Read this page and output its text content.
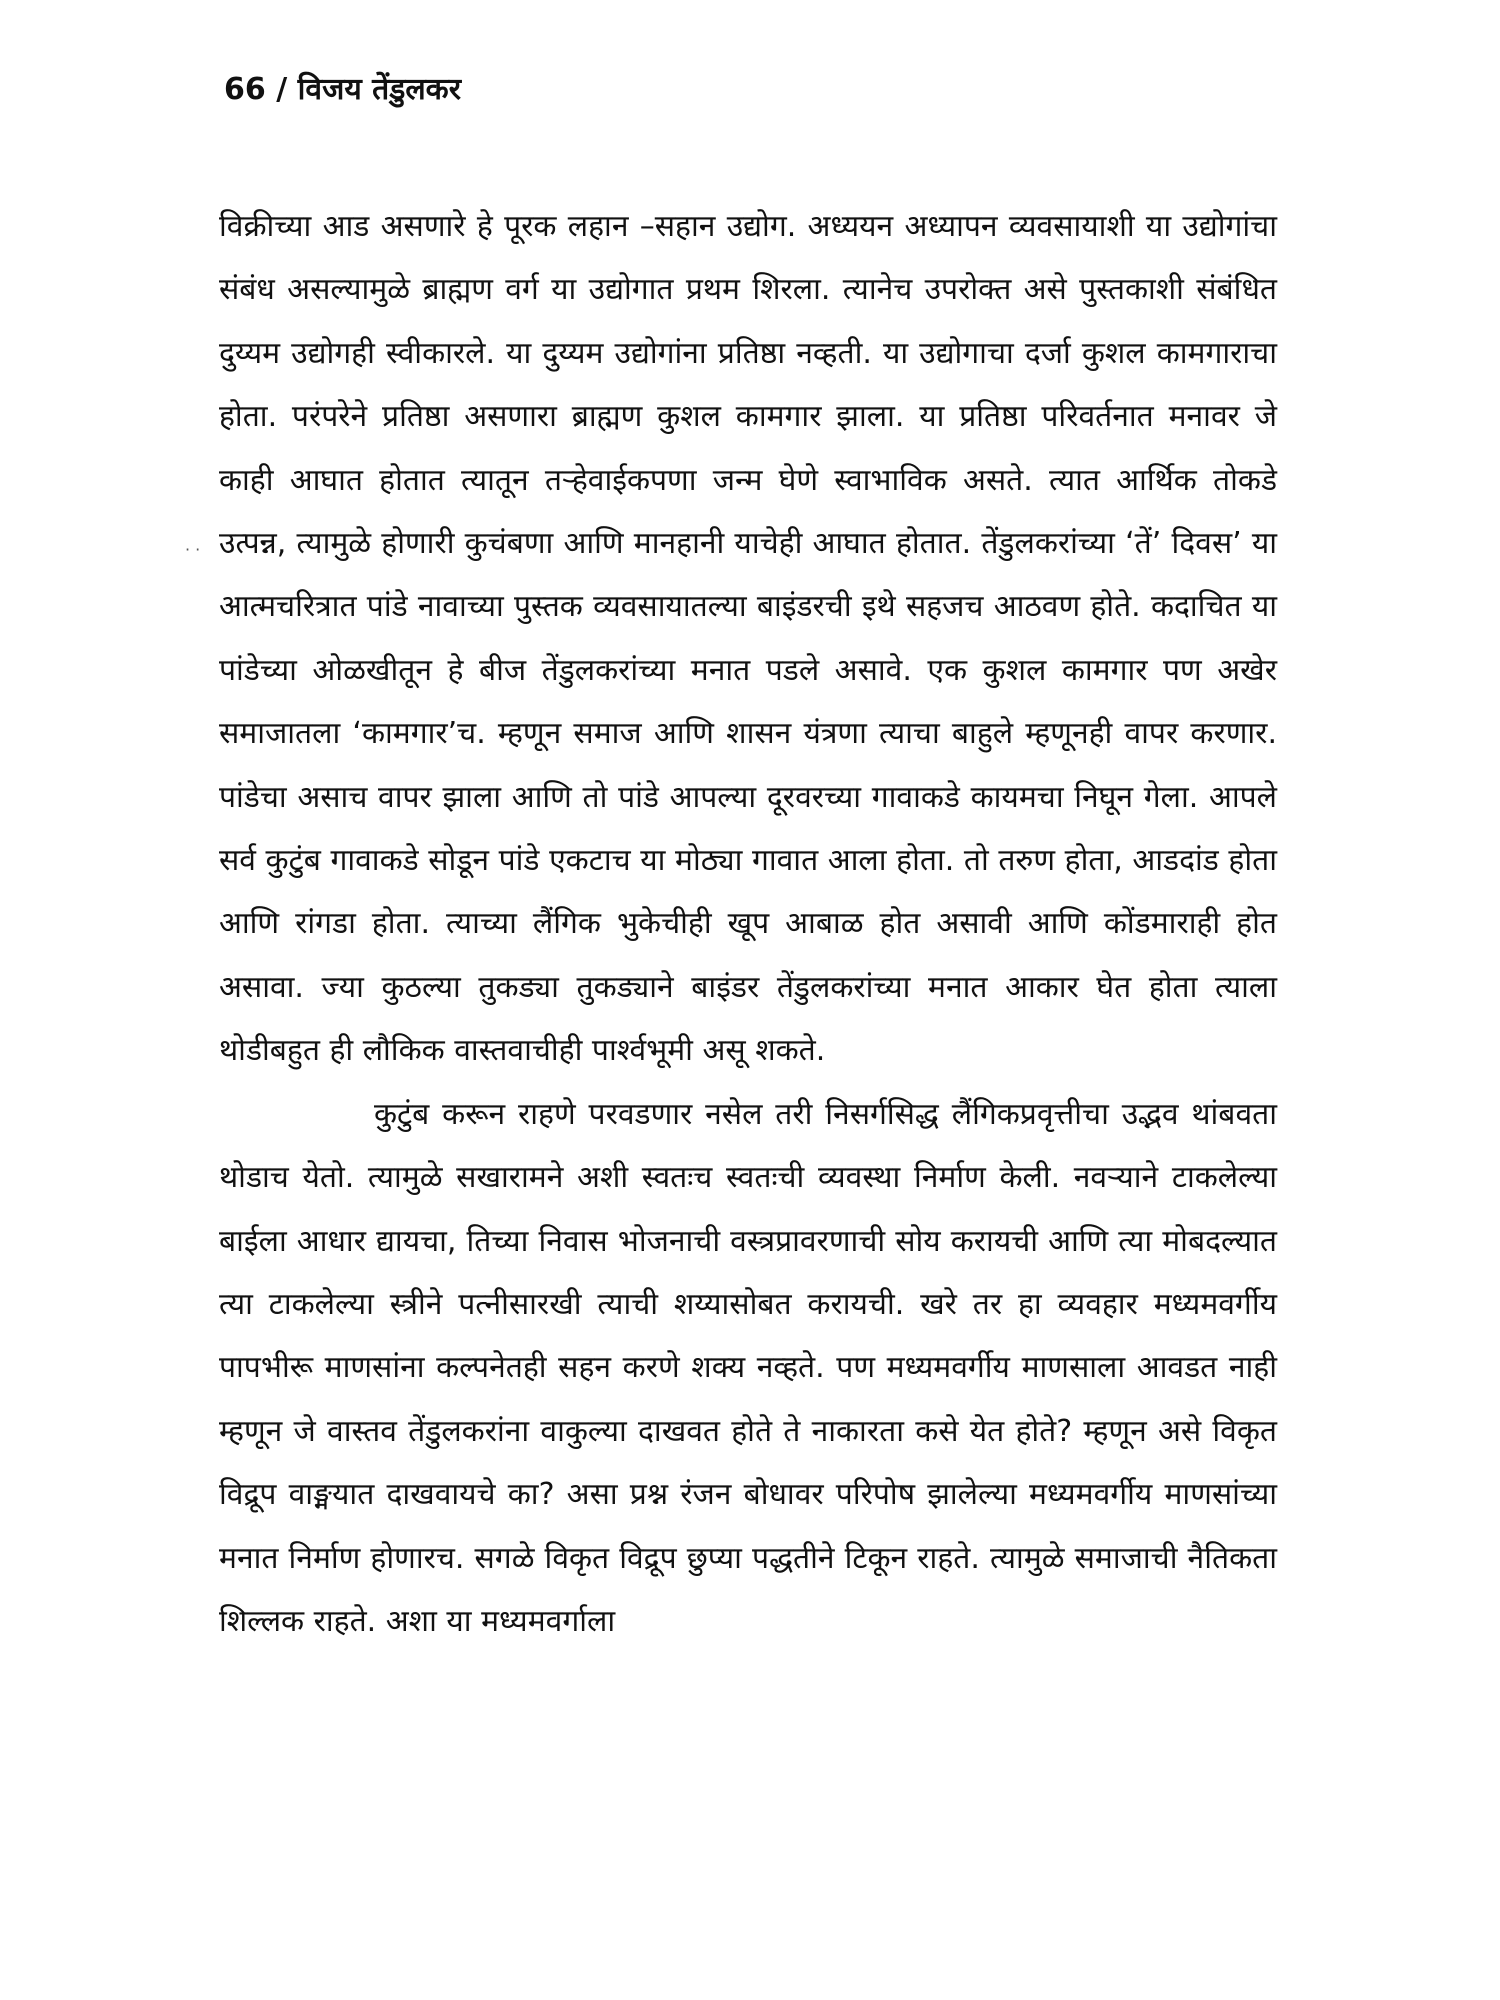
66 / विजय तेंडुलकर
· ·

विक्रीच्या आड असणारे हे पूरक लहान –सहान उद्योग. अध्ययन अध्यापन व्यवसायाशी या उद्योगांचा संबंध असल्यामुळे ब्राह्मण वर्ग या उद्योगात प्रथम शिरला. त्यानेच उपरोक्त असे पुस्तकाशी संबंधित दुय्यम उद्योगही स्वीकारले. या दुय्यम उद्योगांना प्रतिष्ठा नव्हती. या उद्योगाचा दर्जा कुशल कामगाराचा होता. परंपरेने प्रतिष्ठा असणारा ब्राह्मण कुशल कामगार झाला. या प्रतिष्ठा परिवर्तनात मनावर जे काही आघात होतात त्यातून तऱ्हेवाईकपणा जन्म घेणे स्वाभाविक असते. त्यात आर्थिक तोकडे उत्पन्न, त्यामुळे होणारी कुचंबणा आणि मानहानी याचेही आघात होतात. तेंडुलकरांच्या ‘तें’ दिवस’ या आत्मचरित्रात पांडे नावाच्या पुस्तक व्यवसायातल्या बाइंडरची इथे सहजच आठवण होते. कदाचित या पांडेच्या ओळखीतून हे बीज तेंडुलकरांच्या मनात पडले असावे. एक कुशल कामगार पण अखेर समाजातला ‘कामगार’च. म्हणून समाज आणि शासन यंत्रणा त्याचा बाहुले म्हणूनही वापर करणार. पांडेचा असाच वापर झाला आणि तो पांडे आपल्या दूरवरच्या गावाकडे कायमचा निघून गेला. आपले सर्व कुटुंब गावाकडे सोडून पांडे एकटाच या मोठ्या गावात आला होता. तो तरुण होता, आडदांड होता आणि रांगडा होता. त्याच्या लैंगिक भुकेचीही खूप आबाळ होत असावी आणि कोंडमाराही होत असावा. ज्या कुठल्या तुकड्या तुकड्याने बाइंडर तेंडुलकरांच्या मनात आकार घेत होता त्याला थोडीबहुत ही लौकिक वास्तवाचीही पार्श्वभूमी असू शकते.

कुटुंब करून राहणे परवडणार नसेल तरी निसर्गसिद्ध लैंगिकप्रवृत्तीचा उद्भव थांबवता थोडाच येतो. त्यामुळे सखारामने अशी स्वतःच स्वतःची व्यवस्था निर्माण केली. नवऱ्याने टाकलेल्या बाईला आधार द्यायचा, तिच्या निवास भोजनाची वस्त्रप्रावरणाची सोय करायची आणि त्या मोबदल्यात त्या टाकलेल्या स्त्रीने पत्नीसारखी त्याची शय्यासोबत करायची. खरे तर हा व्यवहार मध्यमवर्गीय पापभीरू माणसांना कल्पनेतही सहन करणे शक्य नव्हते. पण मध्यमवर्गीय माणसाला आवडत नाही म्हणून जे वास्तव तेंडुलकरांना वाकुल्या दाखवत होते ते नाकारता कसे येत होते? म्हणून असे विकृत विद्रूप वाङ्मयात दाखवायचे का? असा प्रश्न रंजन बोधावर परिपोष झालेल्या मध्यमवर्गीय माणसांच्या मनात निर्माण होणारच. सगळे विकृत विद्रूप छुप्या पद्धतीने टिकून राहते. त्यामुळे समाजाची नैतिकता शिल्लक राहते. अशा या मध्यमवर्गाला
